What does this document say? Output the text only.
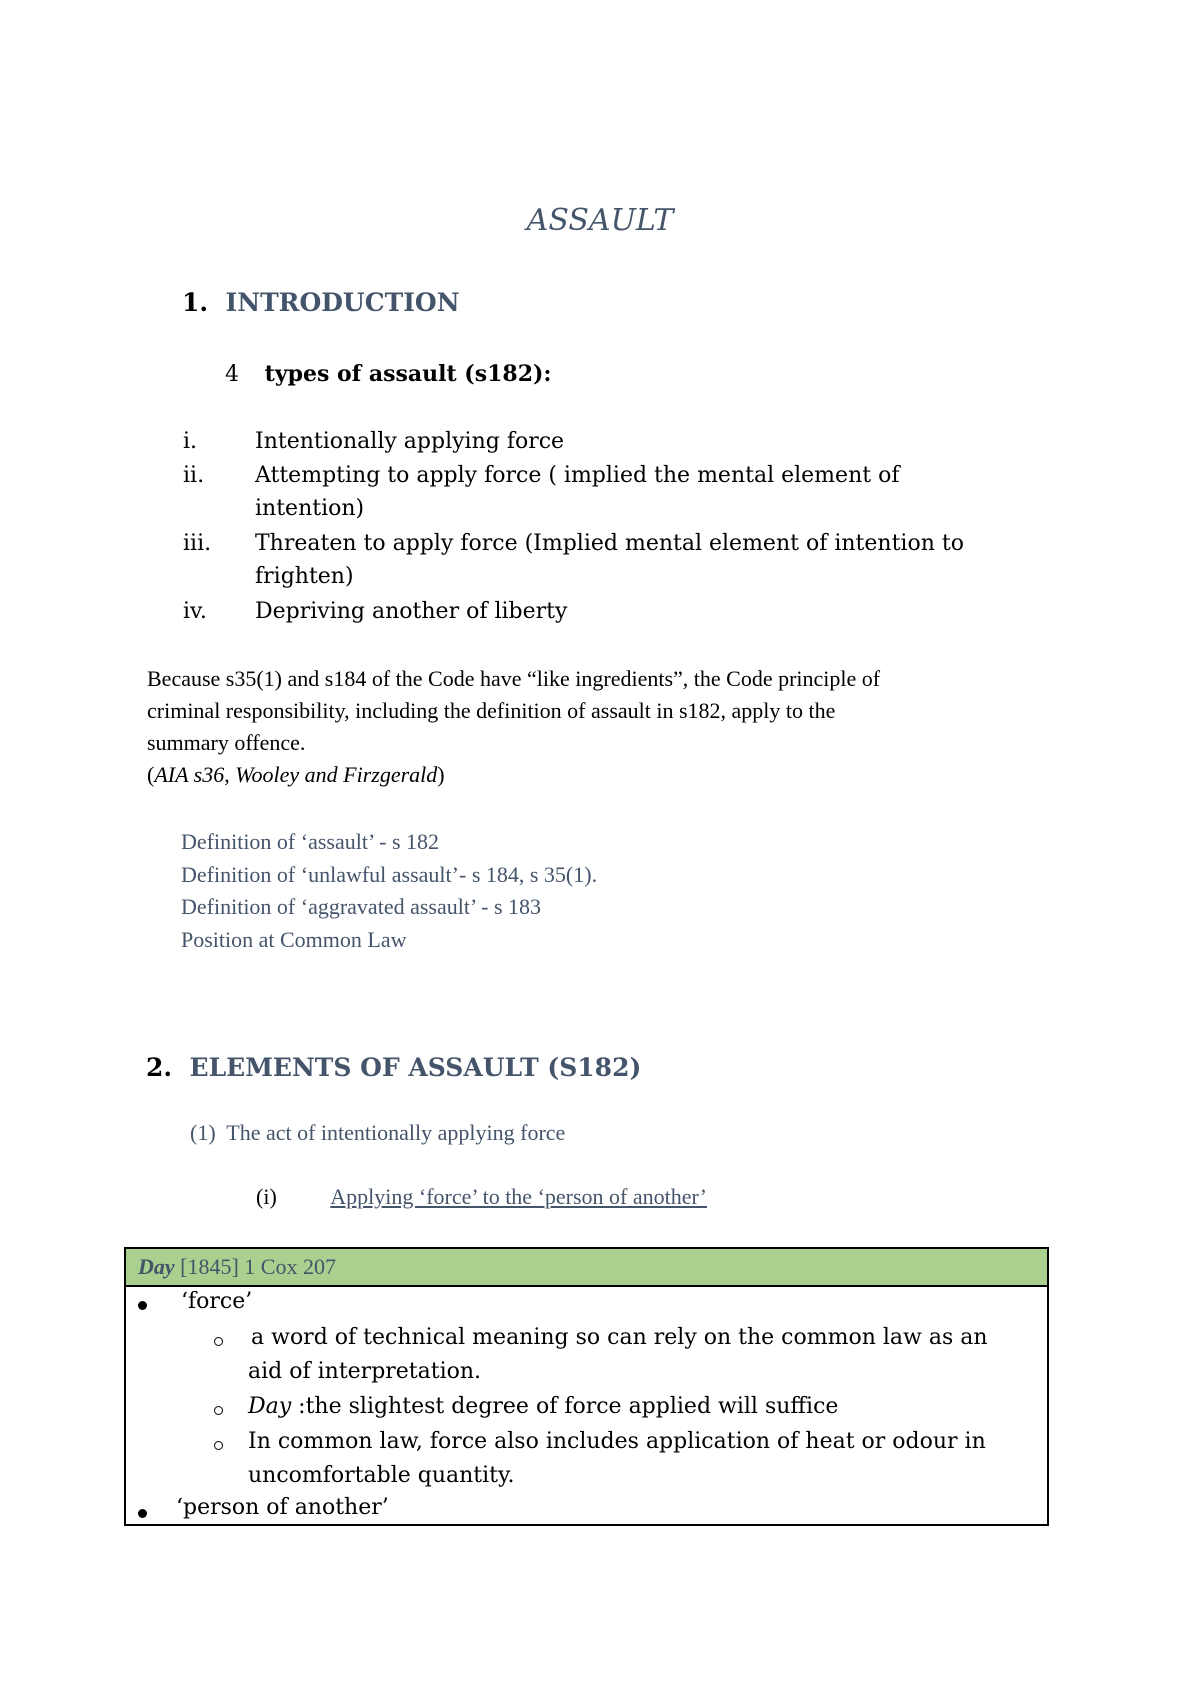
ASSAULT
1. INTRODUCTION
4 types of assault (s182):
i.	Intentionally applying force
ii. Attempting to apply force ( implied the mental element of
intention)
iii. Threaten to apply force (Implied mental element of intention to
frighten)
iv. Depriving another of liberty
Because s35(1) and s184 of the Code have “like ingredients”, the Code principle of
criminal responsibility, including the definition of assault in s182, apply to the
summary offence.
(AIA s36, Wooley and Firzgerald)
Definition of ‘assault’ - s 182
Definition of ‘unlawful assault’- s 184, s 35(1).
Definition of ‘aggravated assault’ - s 183
Position at Common Law
2. ELEMENTS OF ASSAULT (S182)
(1) The act of intentionally applying force
(i) Applying ‘force’ to the ‘person of another’
Day [1845] 1 Cox 207
‘force’
a word of technical meaning so can rely on the common law as an
aid of interpretation.
Day :the slightest degree of force applied will suffice
In common law, force also includes application of heat or odour in
uncomfortable quantity.
‘person of another’
